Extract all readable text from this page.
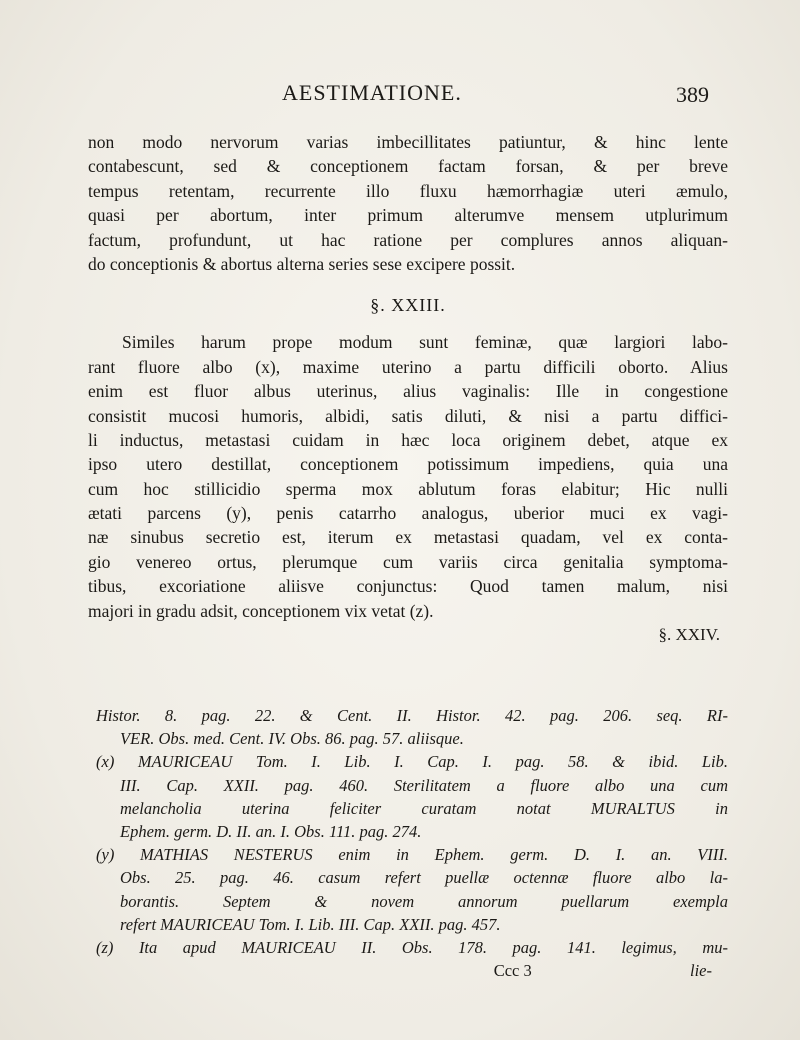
AESTIMATIONE.	389
non modo nervorum varias imbecillitates patiuntur, & hinc lente
contabescunt, sed & conceptionem factam forsan, & per breve
tempus retentam, recurrente illo fluxu hæmorrhagiæ uteri æmulo,
quasi per abortum, inter primum alterumve mensem utplurimum
factum, profundunt, ut hac ratione per complures annos aliquan-
do conceptionis & abortus alterna series sese excipere possit.
§. XXIII.
Similes harum prope modum sunt feminæ, quæ largiori labo-
rant fluore albo (x), maxime uterino a partu difficili oborto. Alius
enim est fluor albus uterinus, alius vaginalis: Ille in congestione
consistit mucosi humoris, albidi, satis diluti, & nisi a partu diffici-
li inductus, metastasi cuidam in hæc loca originem debet, atque ex
ipso utero destillat, conceptionem potissimum impediens, quia una
cum hoc stillicidio sperma mox ablutum foras elabitur; Hic nulli
ætati parcens (y), penis catarrho analogus, uberior muci ex vagi-
næ sinubus secretio est, iterum ex metastasi quadam, vel ex conta-
gio venereo ortus, plerumque cum variis circa genitalia symptoma-
tibus, excoriatione aliisve conjunctus: Quod tamen malum, nisi
majori in gradu adsit, conceptionem vix vetat (z).
§. XXIV.
Histor. 8. pag. 22. & Cent. II. Histor. 42. pag. 206. seq. RI-
VER. Obs. med. Cent. IV. Obs. 86. pag. 57. aliisque.
(x) MAURICEAU Tom. I. Lib. I. Cap. I. pag. 58. & ibid. Lib.
III. Cap. XXII. pag. 460. Sterilitatem a fluore albo una cum
melancholia uterina feliciter curatam notat MURALTUS in
Ephem. germ. D. II. an. I. Obs. 111. pag. 274.
(y) MATHIAS NESTERUS enim in Ephem. germ. D. I. an. VIII.
Obs. 25. pag. 46. casum refert puellæ octennæ fluore albo la-
borantis. Septem & novem annorum puellarum exempla
refert MAURICEAU Tom. I. Lib. III. Cap. XXII. pag. 457.
(z) Ita apud MAURICEAU II. Obs. 178. pag. 141. legimus, mu-
Ccc 3	lie-
